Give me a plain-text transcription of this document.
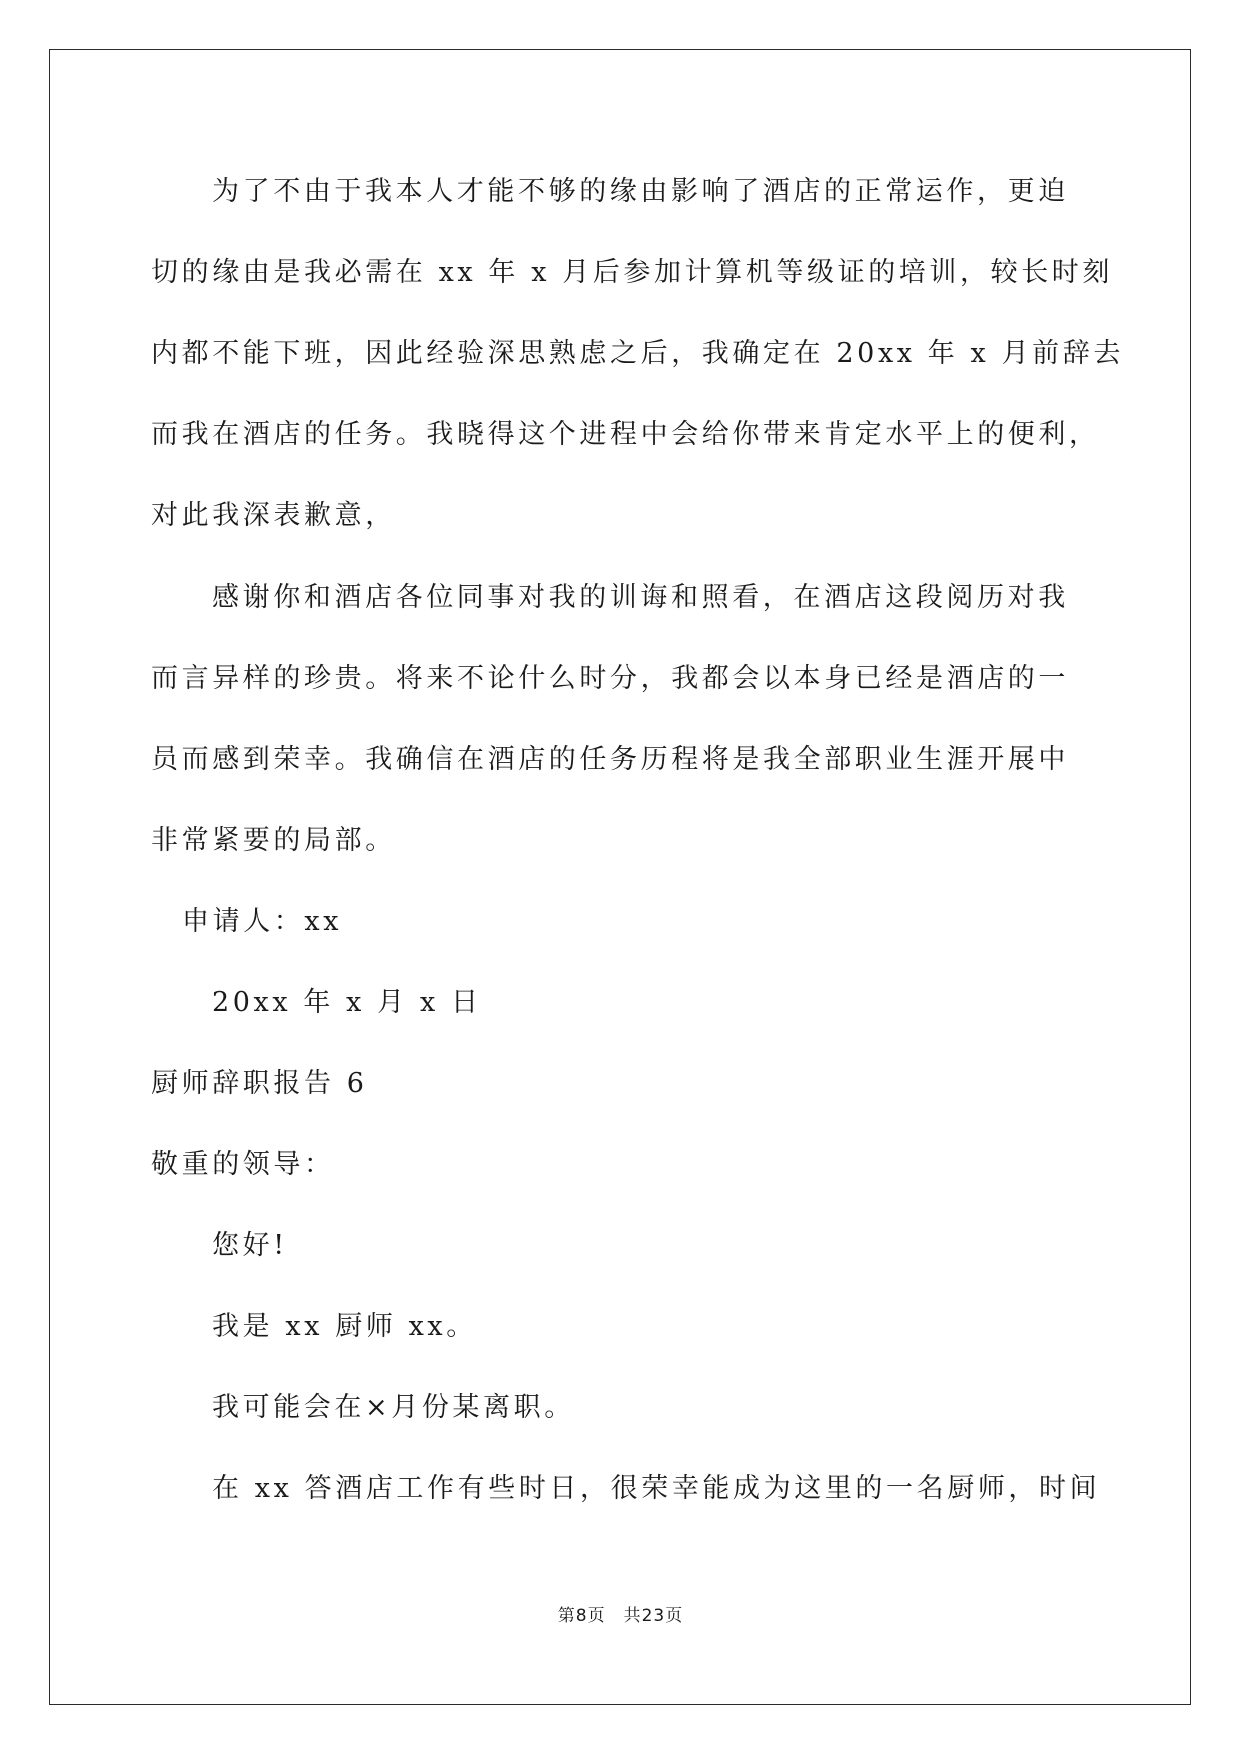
为了不由于我本人才能不够的缘由影响了酒店的正常运作，更迫
切的缘由是我必需在 xx 年 x 月后参加计算机等级证的培训，较长时刻
内都不能下班，因此经验深思熟虑之后，我确定在 20xx 年 x 月前辞去
而我在酒店的任务。我晓得这个进程中会给你带来肯定水平上的便利，
对此我深表歉意，
感谢你和酒店各位同事对我的训诲和照看，在酒店这段阅历对我
而言异样的珍贵。将来不论什么时分，我都会以本身已经是酒店的一
员而感到荣幸。我确信在酒店的任务历程将是我全部职业生涯开展中
非常紧要的局部。
申请人：xx
20xx 年 x 月 x 日
厨师辞职报告 6
敬重的领导：
您好!
我是 xx 厨师 xx。
我可能会在×月份某离职。
在 xx 答酒店工作有些时日，很荣幸能成为这里的一名厨师，时间
第8页 共23页
